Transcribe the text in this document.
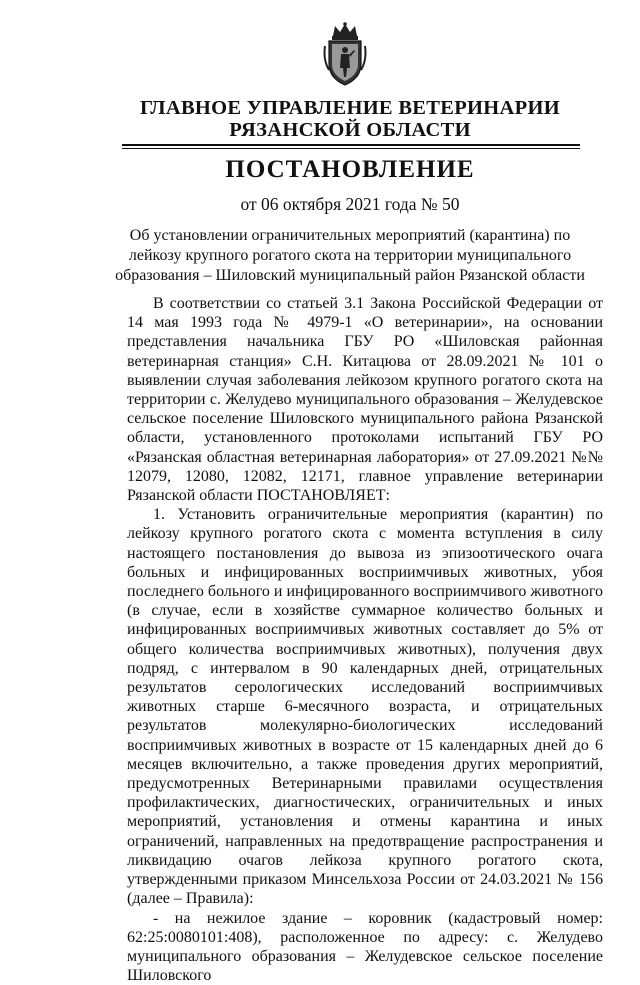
ГЛАВНОЕ УПРАВЛЕНИЕ ВЕТЕРИНАРИИ
РЯЗАНСКОЙ ОБЛАСТИ
ПОСТАНОВЛЕНИЕ
от 06 октября 2021 года № 50
Об установлении ограничительных мероприятий (карантина) по лейкозу крупного рогатого скота на территории муниципального образования – Шиловский муниципальный район Рязанской области

В соответствии со статьей 3.1 Закона Российской Федерации от 14 мая 1993 года № 4979-1 «О ветеринарии», на основании представления начальника ГБУ РО «Шиловская районная ветеринарная станция» С.Н. Китацюва от 28.09.2021 № 101 о выявлении случая заболевания лейкозом крупного рогатого скота на территории с. Желудево муниципального образования – Желудевское сельское поселение Шиловского муниципального района Рязанской области, установленного протоколами испытаний ГБУ РО «Рязанская областная ветеринарная лаборатория» от 27.09.2021 №№ 12079, 12080, 12082, 12171, главное управление ветеринарии Рязанской области ПОСТАНОВЛЯЕТ:

1. Установить ограничительные мероприятия (карантин) по лейкозу крупного рогатого скота с момента вступления в силу настоящего постановления до вывоза из эпизоотического очага больных и инфицированных восприимчивых животных, убоя последнего больного и инфицированного восприимчивого животного (в случае, если в хозяйстве суммарное количество больных и инфицированных восприимчивых животных составляет до 5% от общего количества восприимчивых животных), получения двух подряд, с интервалом в 90 календарных дней, отрицательных результатов серологических исследований восприимчивых животных старше 6-месячного возраста, и отрицательных результатов молекулярно-биологических исследований восприимчивых животных в возрасте от 15 календарных дней до 6 месяцев включительно, а также проведения других мероприятий, предусмотренных Ветеринарными правилами осуществления профилактических, диагностических, ограничительных и иных мероприятий, установления и отмены карантина и иных ограничений, направленных на предотвращение распространения и ликвидацию очагов лейкоза крупного рогатого скота, утвержденными приказом Минсельхоза России от 24.03.2021 № 156 (далее – Правила):

- на нежилое здание – коровник (кадастровый номер: 62:25:0080101:408), расположенное по адресу: с. Желудево муниципального образования – Желудевское сельское поселение Шиловского
